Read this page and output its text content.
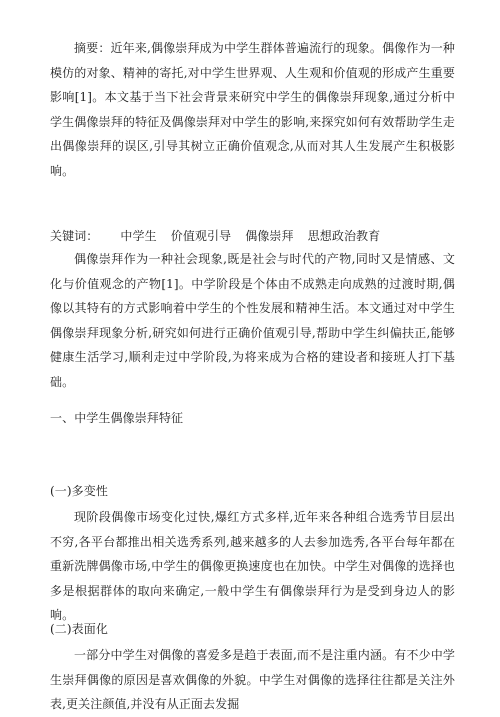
摘要：近年来,偶像崇拜成为中学生群体普遍流行的现象。偶像作为一种模仿的对象、精神的寄托,对中学生世界观、人生观和价值观的形成产生重要影响[1]。本文基于当下社会背景来研究中学生的偶像崇拜现象,通过分析中学生偶像崇拜的特征及偶像崇拜对中学生的影响,来探究如何有效帮助学生走出偶像崇拜的误区,引导其树立正确价值观念,从而对其人生发展产生积极影响。

关键词： 中学生 价值观引导 偶像崇拜 思想政治教育

偶像崇拜作为一种社会现象,既是社会与时代的产物,同时又是情感、文化与价值观念的产物[1]。中学阶段是个体由不成熟走向成熟的过渡时期,偶像以其特有的方式影响着中学生的个性发展和精神生活。本文通过对中学生偶像崇拜现象分析,研究如何进行正确价值观引导,帮助中学生纠偏扶正,能够健康生活学习,顺利走过中学阶段,为将来成为合格的建设者和接班人打下基础。

一、中学生偶像崇拜特征

(一)多变性

现阶段偶像市场变化过快,爆红方式多样,近年来各种组合选秀节目层出不穷,各平台都推出相关选秀系列,越来越多的人去参加选秀,各平台每年都在重新洗牌偶像市场,中学生的偶像更换速度也在加快。中学生对偶像的选择也多是根据群体的取向来确定,一般中学生有偶像崇拜行为是受到身边人的影响。

(二)表面化

一部分中学生对偶像的喜爱多是趋于表面,而不是注重内涵。有不少中学生崇拜偶像的原因是喜欢偶像的外貌。中学生对偶像的选择往往都是关注外表,更关注颜值,并没有从正面去发掘
